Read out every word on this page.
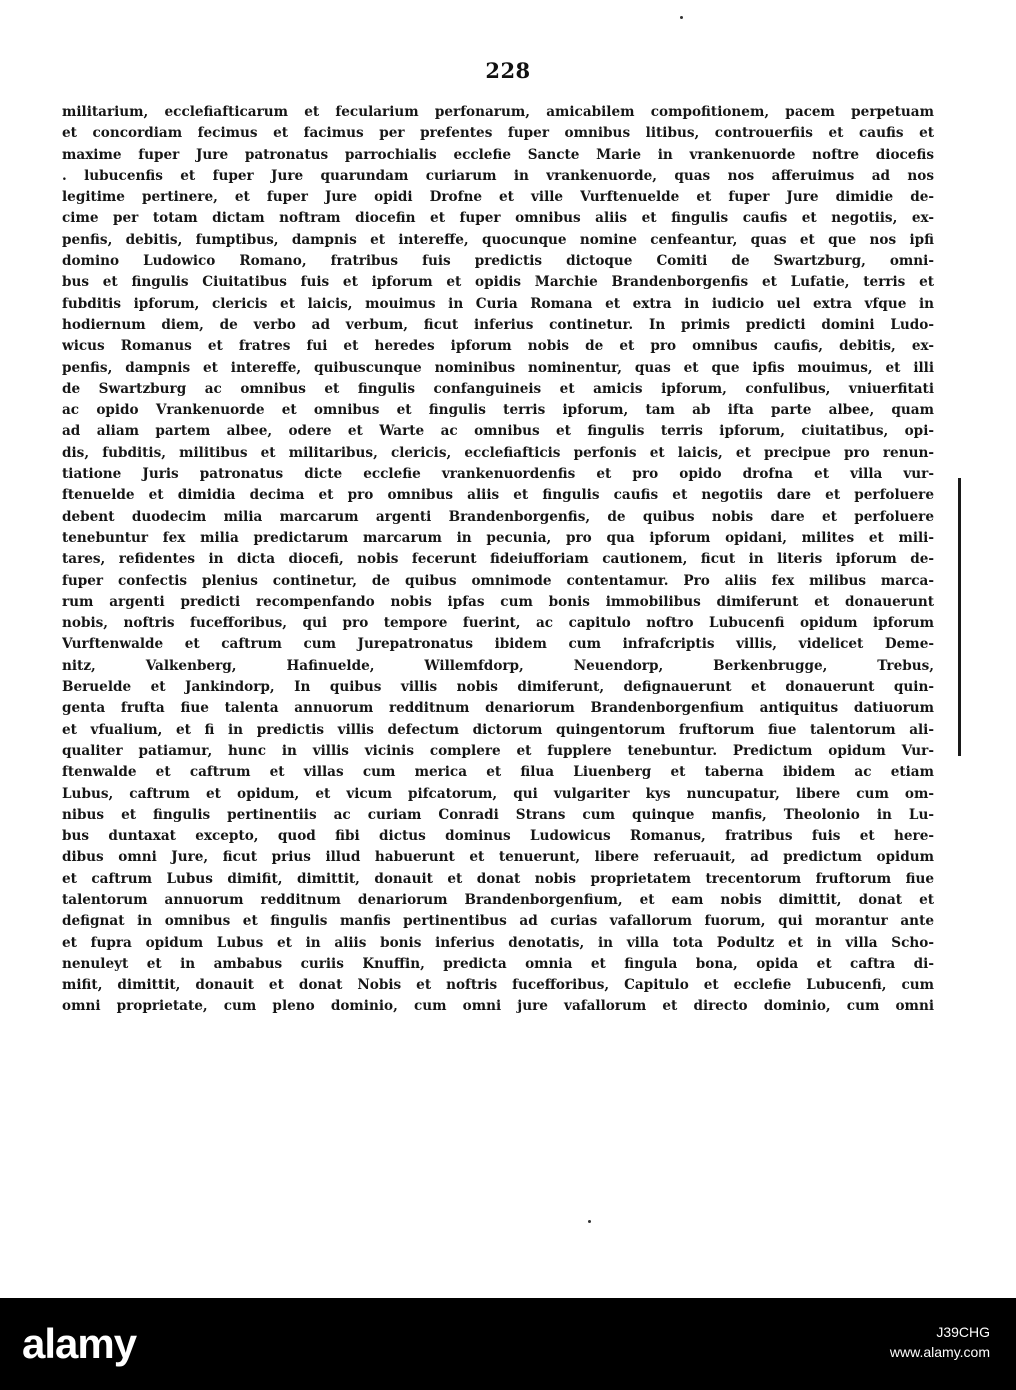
228
militarium, ecclefiafticarum et fecularium perfonarum, amicabilem compofitionem, pacem perpetuam
et concordiam fecimus et facimus per prefentes fuper omnibus litibus, controuerfiis et caufis et
maxime fuper Jure patronatus parrochialis ecclefie Sancte Marie in vrankenuorde noftre diocefis
. lubucenfis et fuper Jure quarundam curiarum in vrankenuorde, quas nos afferuimus ad nos
legitime pertinere, et fuper Jure opidi Drofne et ville Vurftenuelde et fuper Jure dimidie de-
cime per totam dictam noftram diocefin et fuper omnibus aliis et fingulis caufis et negotiis, ex-
penfis, debitis, fumptibus, dampnis et intereffe, quocunque nomine cenfeantur, quas et que nos ipfi
domino Ludowico Romano, fratribus fuis predictis dictoque Comiti de Swartzburg, omni-
bus et fingulis Ciuitatibus fuis et ipforum et opidis Marchie Brandenborgenfis et Lufatie, terris et
fubditis ipforum, clericis et laicis, mouimus in Curia Romana et extra in iudicio uel extra vfque in
hodiernum diem, de verbo ad verbum, ficut inferius continetur. In primis predicti domini Ludo-
wicus Romanus et fratres fui et heredes ipforum nobis de et pro omnibus caufis, debitis, ex-
penfis, dampnis et intereffe, quibuscunque nominibus nominentur, quas et que ipfis mouimus, et illi
de Swartzburg ac omnibus et fingulis confanguineis et amicis ipforum, confulibus, vniuerfitati
ac opido Vrankenuorde et omnibus et fingulis terris ipforum, tam ab ifta parte albee, quam
ad aliam partem albee, odere et Warte ac omnibus et fingulis terris ipforum, ciuitatibus, opi-
dis, fubditis, militibus et militaribus, clericis, ecclefiafticis perfonis et laicis, et precipue pro renun-
tiatione Juris patronatus dicte ecclefie vrankenuordenfis et pro opido drofna et villa vur-
ftenuelde et dimidia decima et pro omnibus aliis et fingulis caufis et negotiis dare et perfoluere
debent duodecim milia marcarum argenti Brandenborgenfis, de quibus nobis dare et perfoluere
tenebuntur fex milia predictarum marcarum in pecunia, pro qua ipforum opidani, milites et mili-
tares, refidentes in dicta diocefi, nobis fecerunt fideiufforiam cautionem, ficut in literis ipforum de-
fuper confectis plenius continetur, de quibus omnimode contentamur. Pro aliis fex milibus marca-
rum argenti predicti recompenfando nobis ipfas cum bonis immobilibus dimiferunt et donauerunt
nobis, noftris fucefforibus, qui pro tempore fuerint, ac capitulo noftro Lubucenfi opidum ipforum
Vurftenwalde et caftrum cum Jurepatronatus ibidem cum infrafcriptis villis, videlicet Deme-
nitz, Valkenberg, Hafinuelde, Willemfdorp, Neuendorp, Berkenbrugge, Trebus,
Beruelde et Jankindorp, In quibus villis nobis dimiferunt, defignauerunt et donauerunt quin-
genta frufta fiue talenta annuorum redditnum denariorum Brandenborgenfium antiquitus datiuorum
et vfualium, et fi in predictis villis defectum dictorum quingentorum fruftorum fiue talentorum ali-
qualiter patiamur, hunc in villis vicinis complere et fupplere tenebuntur. Predictum opidum Vur-
ftenwalde et caftrum et villas cum merica et filua Liuenberg et taberna ibidem ac etiam
Lubus, caftrum et opidum, et vicum pifcatorum, qui vulgariter kys nuncupatur, libere cum om-
nibus et fingulis pertinentiis ac curiam Conradi Strans cum quinque manfis, Theolonio in Lu-
bus duntaxat excepto, quod fibi dictus dominus Ludowicus Romanus, fratribus fuis et here-
dibus omni Jure, ficut prius illud habuerunt et tenuerunt, libere referuauit, ad predictum opidum
et caftrum Lubus dimifit, dimittit, donauit et donat nobis proprietatem trecentorum fruftorum fiue
talentorum annuorum redditnum denariorum Brandenborgenfium, et eam nobis dimittit, donat et
defignat in omnibus et fingulis manfis pertinentibus ad curias vafallorum fuorum, qui morantur ante
et fupra opidum Lubus et in aliis bonis inferius denotatis, in villa tota Podultz et in villa Scho-
nenuleyt et in ambabus curiis Knuffin, predicta omnia et fingula bona, opida et caftra di-
mifit, dimittit, donauit et donat Nobis et noftris fucefforibus, Capitulo et ecclefie Lubucenfi, cum
omni proprietate, cum pleno dominio, cum omni jure vafallorum et directo dominio, cum omni
alamy	J39CHG
www.alamy.com
